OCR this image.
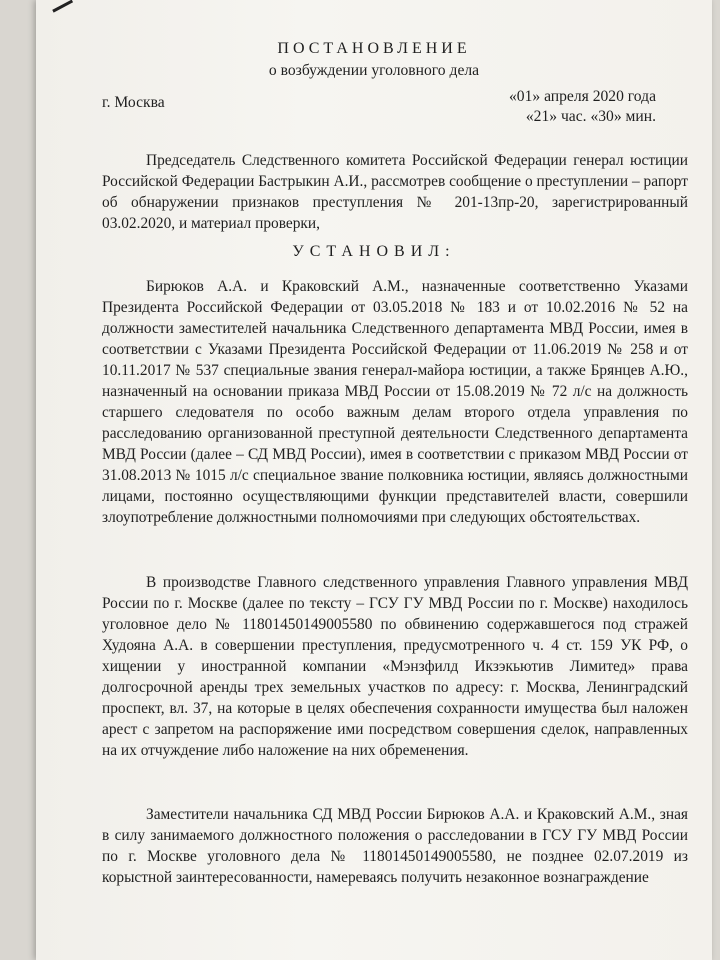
ПОСТАНОВЛЕНИЕ
о возбуждении уголовного дела
г. Москва	«01» апреля 2020 года
«21» час. «30» мин.
Председатель Следственного комитета Российской Федерации генерал юстиции Российской Федерации Бастрыкин А.И., рассмотрев сообщение о преступлении – рапорт об обнаружении признаков преступления № 201-13пр-20, зарегистрированный 03.02.2020, и материал проверки,
УСТАНОВИЛ:
Бирюков А.А. и Краковский А.М., назначенные соответственно Указами Президента Российской Федерации от 03.05.2018 № 183 и от 10.02.2016 № 52 на должности заместителей начальника Следственного департамента МВД России, имея в соответствии с Указами Президента Российской Федерации от 11.06.2019 № 258 и от 10.11.2017 № 537 специальные звания генерал-майора юстиции, а также Брянцев А.Ю., назначенный на основании приказа МВД России от 15.08.2019 № 72 л/с на должность старшего следователя по особо важным делам второго отдела управления по расследованию организованной преступной деятельности Следственного департамента МВД России (далее – СД МВД России), имея в соответствии с приказом МВД России от 31.08.2013 № 1015 л/с специальное звание полковника юстиции, являясь должностными лицами, постоянно осуществляющими функции представителей власти, совершили злоупотребление должностными полномочиями при следующих обстоятельствах.
В производстве Главного следственного управления Главного управления МВД России по г. Москве (далее по тексту – ГСУ ГУ МВД России по г. Москве) находилось уголовное дело № 11801450149005580 по обвинению содержавшегося под стражей Худояна А.А. в совершении преступления, предусмотренного ч. 4 ст. 159 УК РФ, о хищении у иностранной компании «Мэнзфилд Икзэкьютив Лимитед» права долгосрочной аренды трех земельных участков по адресу: г. Москва, Ленинградский проспект, вл. 37, на которые в целях обеспечения сохранности имущества был наложен арест с запретом на распоряжение ими посредством совершения сделок, направленных на их отчуждение либо наложение на них обременения.
Заместители начальника СД МВД России Бирюков А.А. и Краковский А.М., зная в силу занимаемого должностного положения о расследовании в ГСУ ГУ МВД России по г. Москве уголовного дела № 11801450149005580, не позднее 02.07.2019 из корыстной заинтересованности, намереваясь получить незаконное вознаграждение
